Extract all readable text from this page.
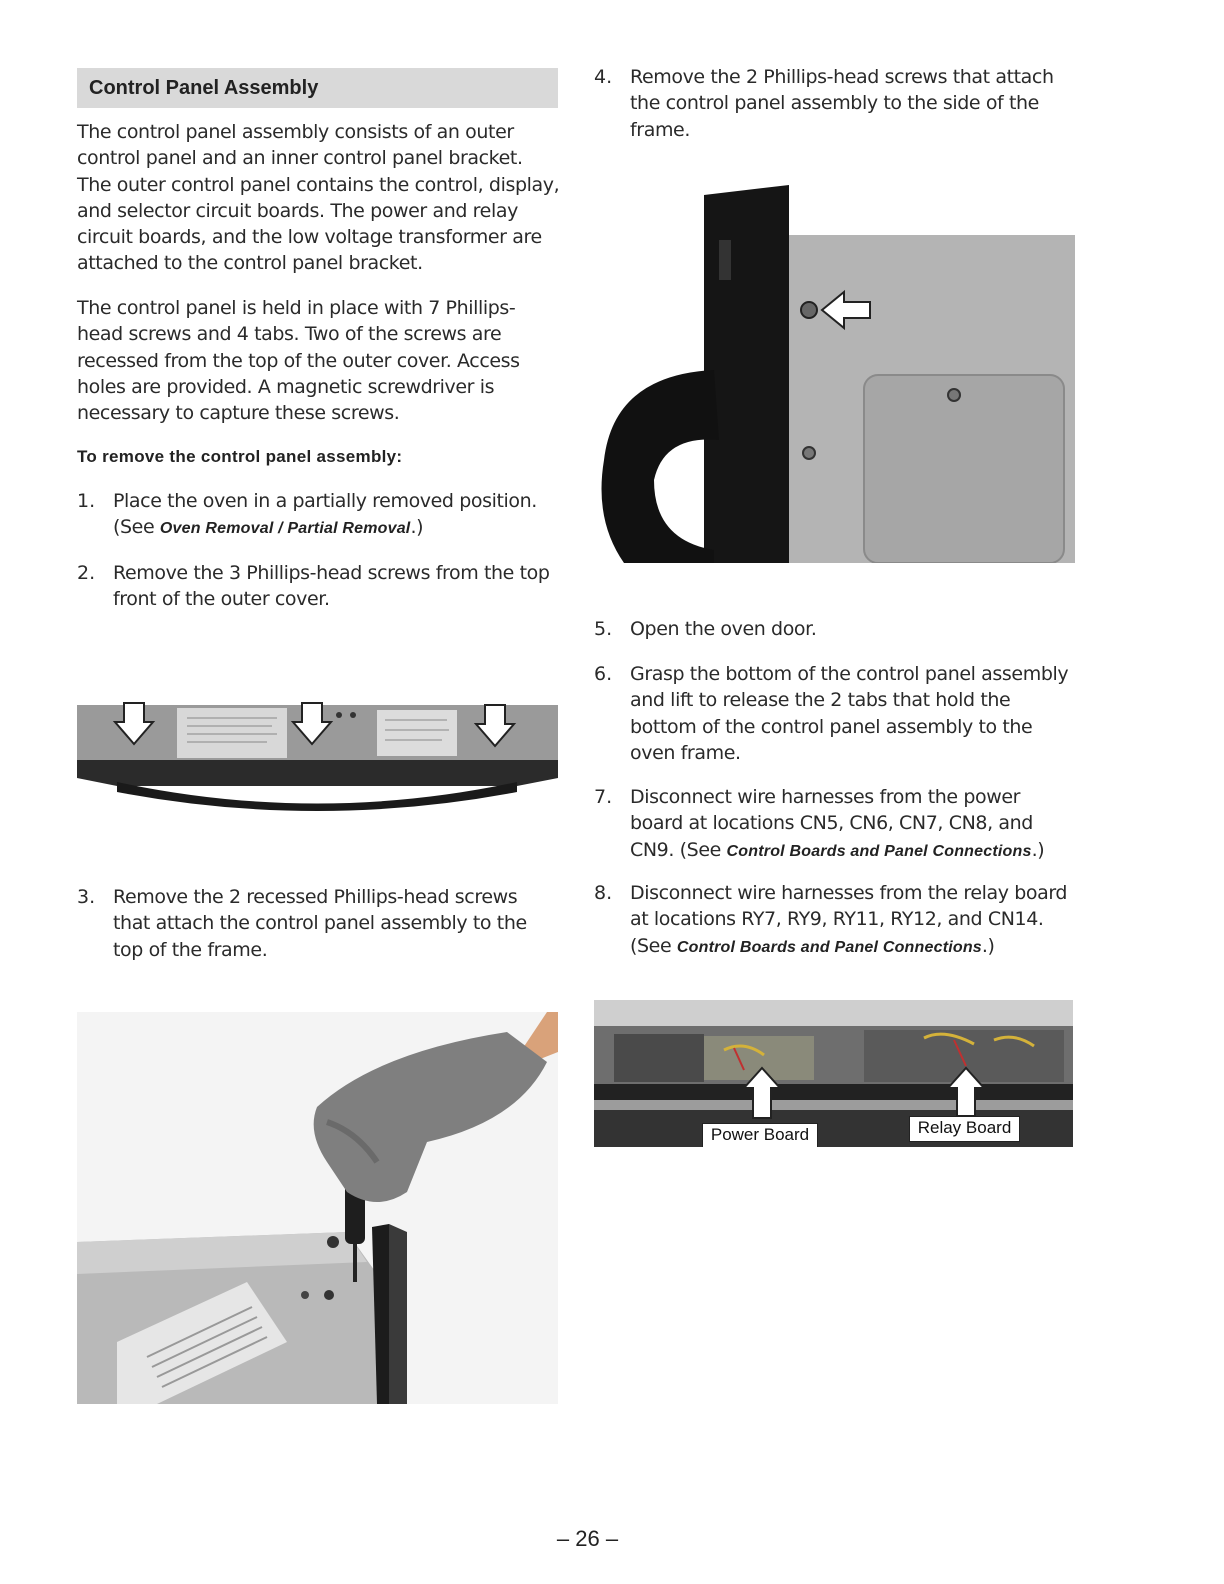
Control Panel Assembly

The control panel assembly consists of an outer control panel and an inner control panel bracket. The outer control panel contains the control, display, and selector circuit boards. The power and relay circuit boards, and the low voltage transformer are attached to the control panel bracket.

The control panel is held in place with 7 Phillips-head screws and 4 tabs. Two of the screws are recessed from the top of the outer cover. Access holes are provided. A magnetic screwdriver is necessary to capture these screws.

To remove the control panel assembly:
1. Place the oven in a partially removed position. (See Oven Removal / Partial Removal.)
2. Remove the 3 Phillips-head screws from the top front of the outer cover.
3. Remove the 2 recessed Phillips-head screws that attach the control panel assembly to the top of the frame.
4. Remove the 2 Phillips-head screws that attach the control panel assembly to the side of the frame.
5. Open the oven door.
6. Grasp the bottom of the control panel assembly and lift to release the 2 tabs that hold the bottom of the control panel assembly to the oven frame.
7. Disconnect wire harnesses from the power board at locations CN5, CN6, CN7, CN8, and CN9. (See Control Boards and Panel Connections.)
8. Disconnect wire harnesses from the relay board at locations RY7, RY9, RY11, RY12, and CN14. (See Control Boards and Panel Connections.)
Power Board	Relay Board
– 26 –
